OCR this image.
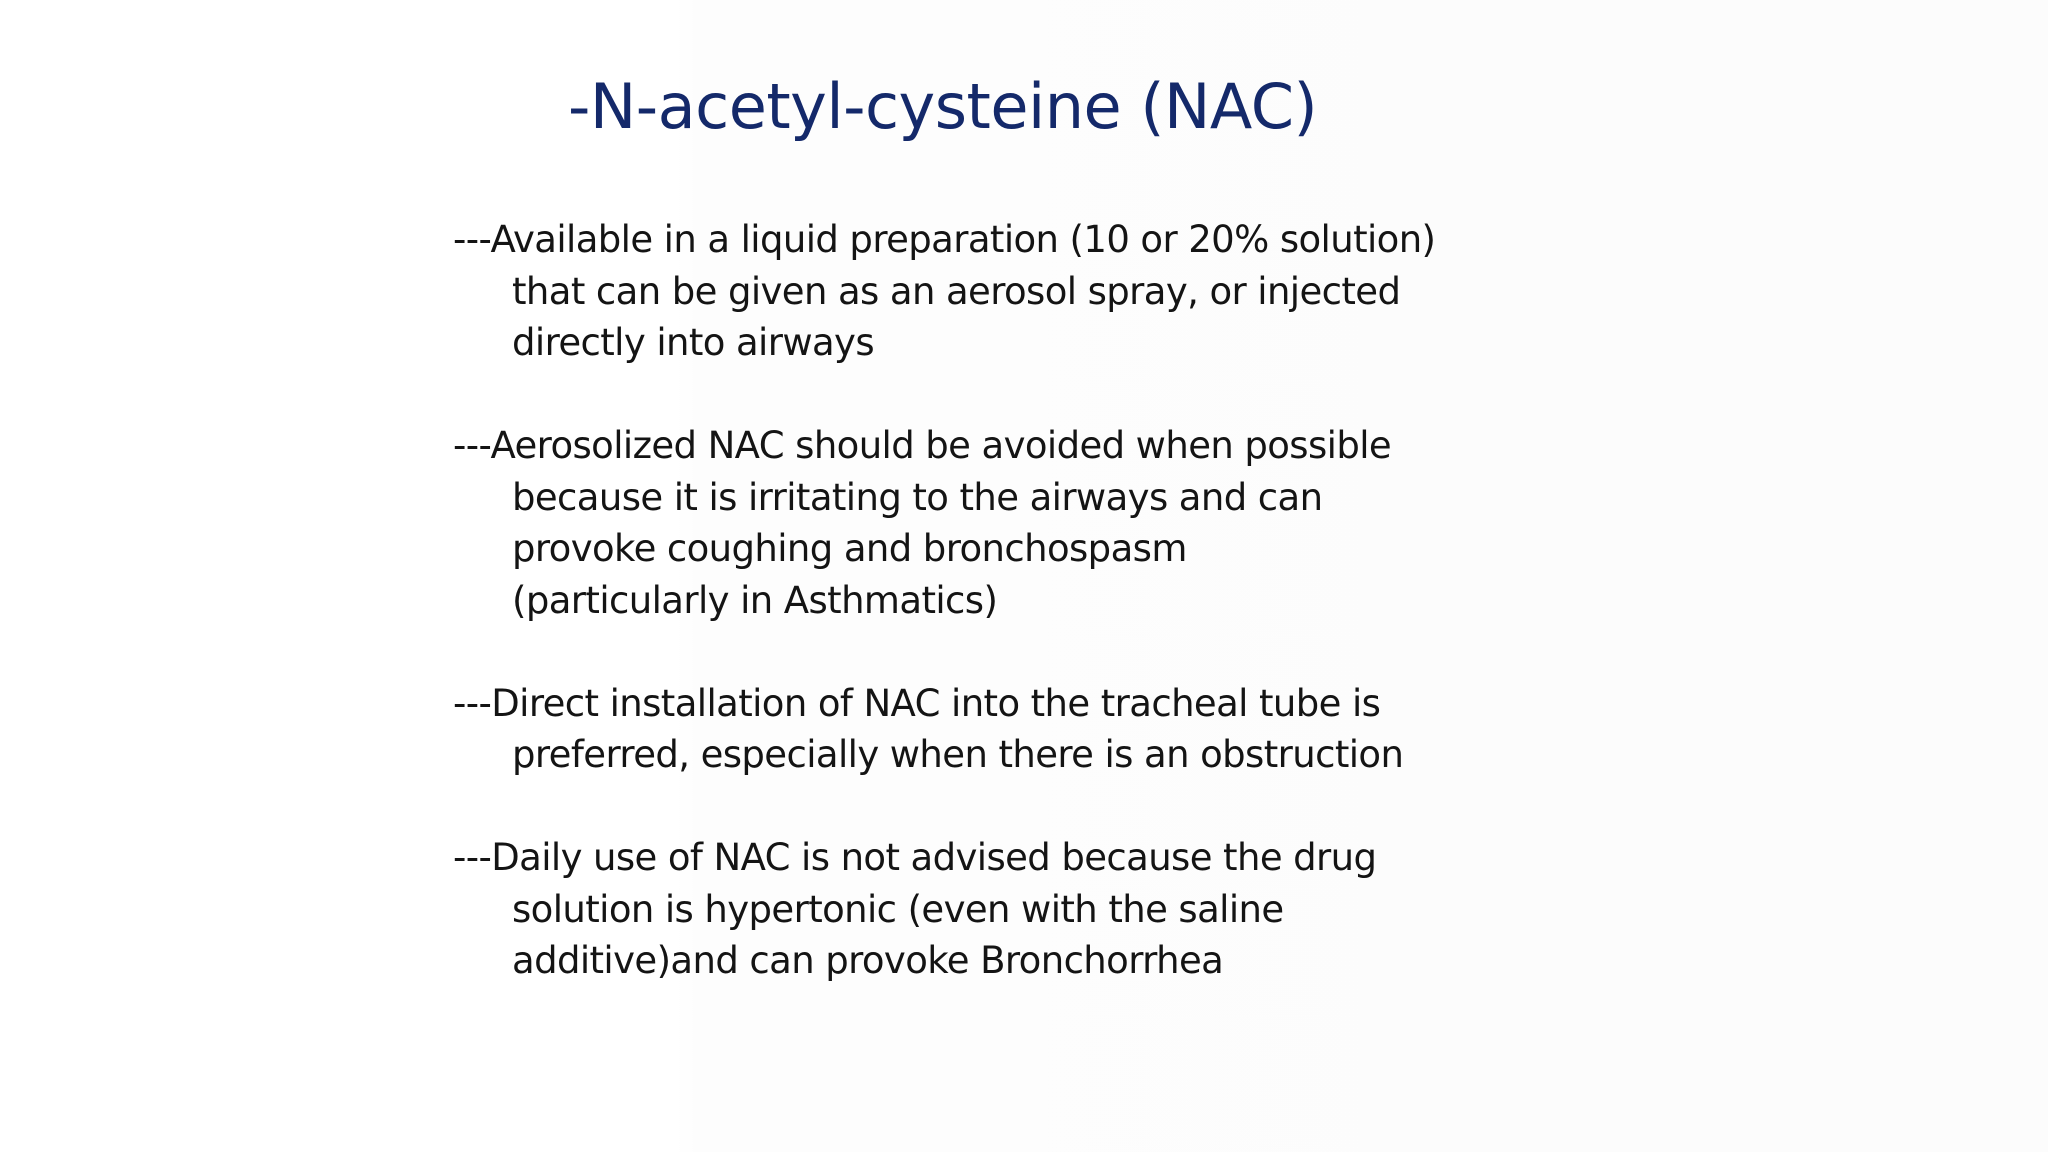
-N-acetyl-cysteine (NAC)

---Available in a liquid preparation (10 or 20% solution)
that can be given as an aerosol spray, or injected
directly into airways

---Aerosolized NAC should be avoided when possible
because it is irritating to the airways and can
provoke coughing and bronchospasm
(particularly in Asthmatics)

---Direct installation of NAC into the tracheal tube is
preferred, especially when there is an obstruction

---Daily use of NAC is not advised because the drug
solution is hypertonic (even with the saline
additive)and can provoke Bronchorrhea
